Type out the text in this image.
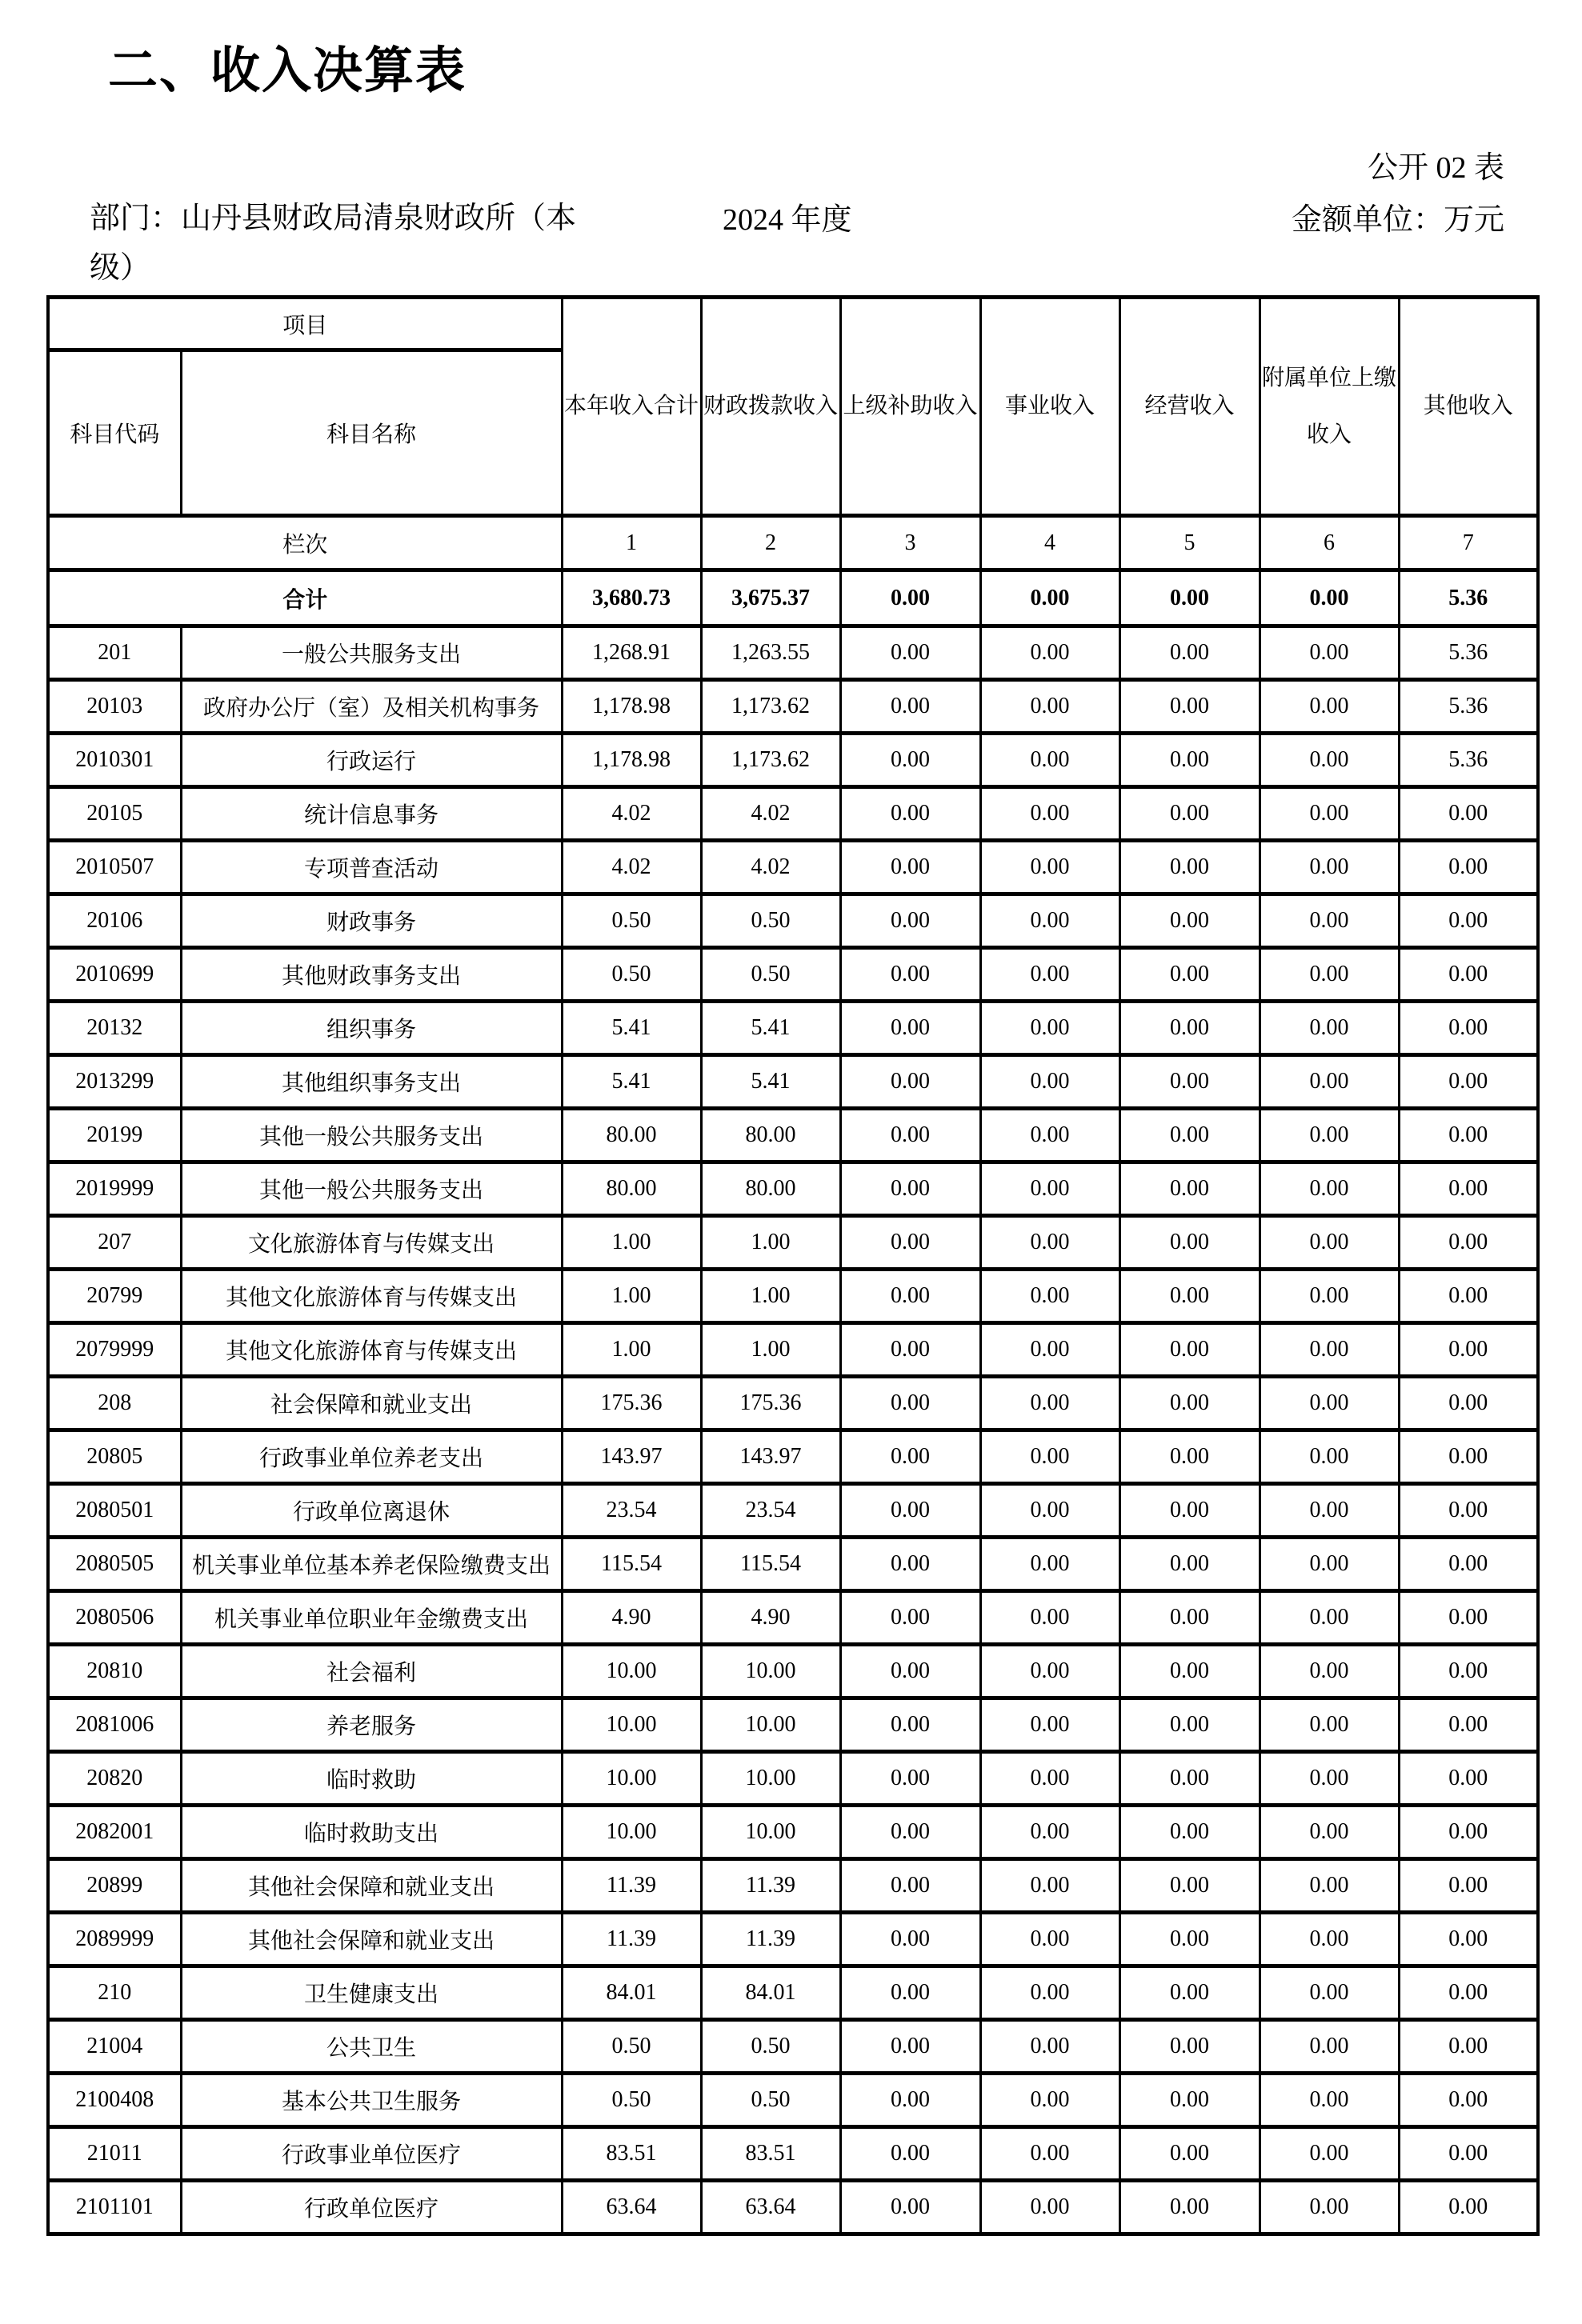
二、收入决算表
公开 02 表
部门：山丹县财政局清泉财政所（本级）
2024 年度	金额单位：万元
项目		本年收入合计	财政拨款收入	上级补助收入	事业收入	经营收入	附属单位上缴收入	其他收入
科目代码	科目名称							
栏次		1	2	3	4	5	6	7
合计		3,680.73	3,675.37	0.00	0.00	0.00	0.00	5.36
201	一般公共服务支出	1,268.91	1,263.55	0.00	0.00	0.00	0.00	5.36
20103	政府办公厅（室）及相关机构事务	1,178.98	1,173.62	0.00	0.00	0.00	0.00	5.36
2010301	行政运行	1,178.98	1,173.62	0.00	0.00	0.00	0.00	5.36
20105	统计信息事务	4.02	4.02	0.00	0.00	0.00	0.00	0.00
2010507	专项普查活动	4.02	4.02	0.00	0.00	0.00	0.00	0.00
20106	财政事务	0.50	0.50	0.00	0.00	0.00	0.00	0.00
2010699	其他财政事务支出	0.50	0.50	0.00	0.00	0.00	0.00	0.00
20132	组织事务	5.41	5.41	0.00	0.00	0.00	0.00	0.00
2013299	其他组织事务支出	5.41	5.41	0.00	0.00	0.00	0.00	0.00
20199	其他一般公共服务支出	80.00	80.00	0.00	0.00	0.00	0.00	0.00
2019999	其他一般公共服务支出	80.00	80.00	0.00	0.00	0.00	0.00	0.00
207	文化旅游体育与传媒支出	1.00	1.00	0.00	0.00	0.00	0.00	0.00
20799	其他文化旅游体育与传媒支出	1.00	1.00	0.00	0.00	0.00	0.00	0.00
2079999	其他文化旅游体育与传媒支出	1.00	1.00	0.00	0.00	0.00	0.00	0.00
208	社会保障和就业支出	175.36	175.36	0.00	0.00	0.00	0.00	0.00
20805	行政事业单位养老支出	143.97	143.97	0.00	0.00	0.00	0.00	0.00
2080501	行政单位离退休	23.54	23.54	0.00	0.00	0.00	0.00	0.00
2080505	机关事业单位基本养老保险缴费支出	115.54	115.54	0.00	0.00	0.00	0.00	0.00
2080506	机关事业单位职业年金缴费支出	4.90	4.90	0.00	0.00	0.00	0.00	0.00
20810	社会福利	10.00	10.00	0.00	0.00	0.00	0.00	0.00
2081006	养老服务	10.00	10.00	0.00	0.00	0.00	0.00	0.00
20820	临时救助	10.00	10.00	0.00	0.00	0.00	0.00	0.00
2082001	临时救助支出	10.00	10.00	0.00	0.00	0.00	0.00	0.00
20899	其他社会保障和就业支出	11.39	11.39	0.00	0.00	0.00	0.00	0.00
2089999	其他社会保障和就业支出	11.39	11.39	0.00	0.00	0.00	0.00	0.00
210	卫生健康支出	84.01	84.01	0.00	0.00	0.00	0.00	0.00
21004	公共卫生	0.50	0.50	0.00	0.00	0.00	0.00	0.00
2100408	基本公共卫生服务	0.50	0.50	0.00	0.00	0.00	0.00	0.00
21011	行政事业单位医疗	83.51	83.51	0.00	0.00	0.00	0.00	0.00
2101101	行政单位医疗	63.64	63.64	0.00	0.00	0.00	0.00	0.00
